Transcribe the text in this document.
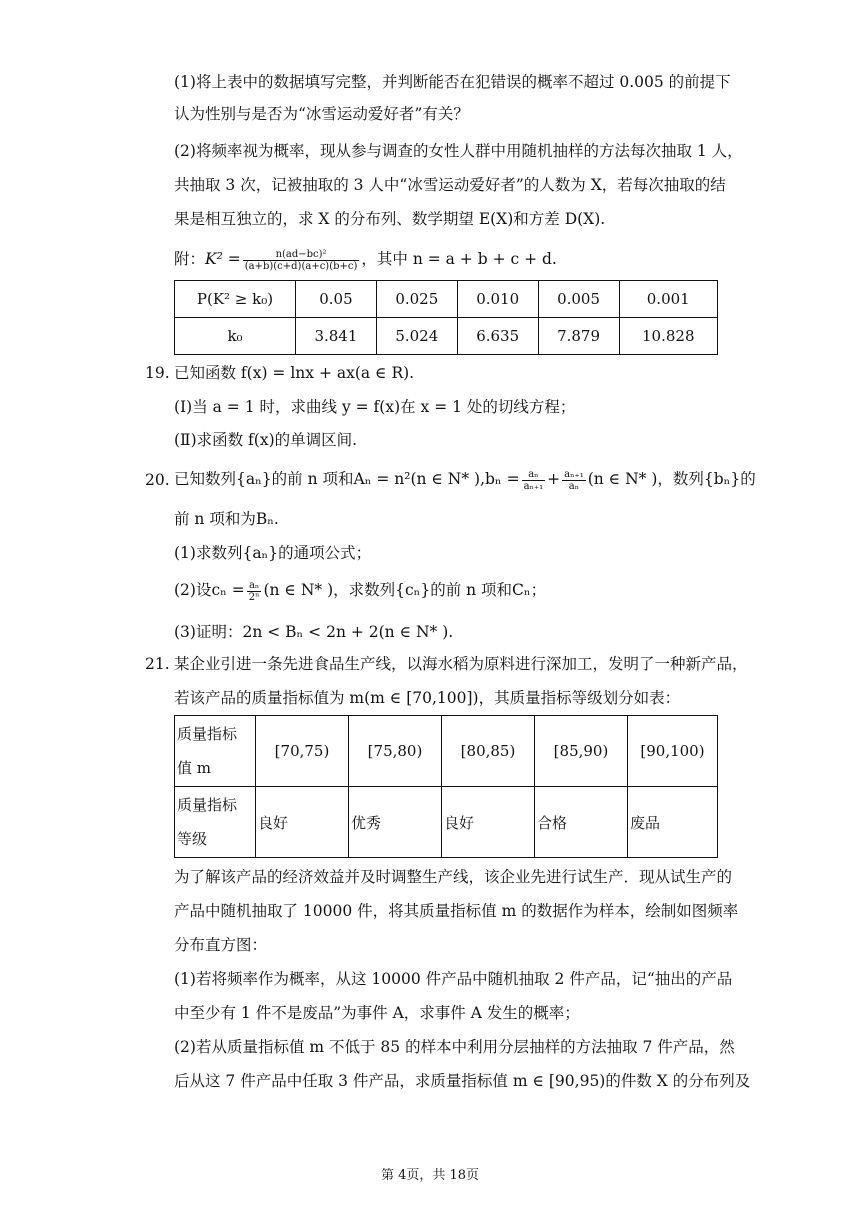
(1)将上表中的数据填写完整，并判断能否在犯错误的概率不超过 0.005 的前提下
认为性别与是否为“冰雪运动爱好者”有关？
(2)将频率视为概率，现从参与调查的女性人群中用随机抽样的方法每次抽取 1 人，
共抽取 3 次，记被抽取的 3 人中“冰雪运动爱好者”的人数为 X，若每次抽取的结
果是相互独立的，求 X 的分布列、数学期望 E(X)和方差 D(X).
附：$K^2 = \frac{\text{n(ad−bc)²}}{(a+b)(c+d)(a+c)(b+c)}$ ，其中 n = a + b + c + d.
P(K² ≥ k₀)	0.05	0.025	0.010	0.005	0.001
k₀	3.841	5.024	6.635	7.879	10.828
19. 已知函数 f(x) = lnx + ax(a ∈ R).
(Ⅰ)当 a = 1 时，求曲线 y = f(x)在 x = 1 处的切线方程；
(Ⅱ)求函数 f(x)的单调区间.
20. 已知数列{aₙ}的前 n 项和Aₙ = n²(n ∈ N* )$,b_n = \frac{\text{aₙ}}{\text{aₙ₊₁}} + \frac{\text{aₙ₊₁}}{\text{aₙ}} (n$ ∈ N* )，数列{bₙ}的
前 n 项和为Bₙ.
(1)求数列{aₙ}的通项公式；
(2)设$c_n = \frac{\text{aₙ}}{\text{2ⁿ}} (n$ ∈ N* )，求数列{cₙ}的前 n 项和Cₙ；
(3)证明：2n < Bₙ < 2n + 2(n ∈ N* ).
21. 某企业引进一条先进食品生产线，以海水稻为原料进行深加工，发明了一种新产品，
若该产品的质量指标值为 m(m ∈ [70,100])，其质量指标等级划分如表：
质量指标
值 m	[70,75)	[75,80)	[80,85)	[85,90)	[90,100)
质量指标
等级	良好	优秀	良好	合格	废品
为了解该产品的经济效益并及时调整生产线，该企业先进行试生产．现从试生产的
产品中随机抽取了 10000 件，将其质量指标值 m 的数据作为样本，绘制如图频率
分布直方图：
(1)若将频率作为概率，从这 10000 件产品中随机抽取 2 件产品，记“抽出的产品
中至少有 1 件不是废品”为事件 A，求事件 A 发生的概率；
(2)若从质量指标值 m 不低于 85 的样本中利用分层抽样的方法抽取 7 件产品，然
后从这 7 件产品中任取 3 件产品，求质量指标值 m ∈ [90,95)的件数 X 的分布列及
第 4页，共 18页
